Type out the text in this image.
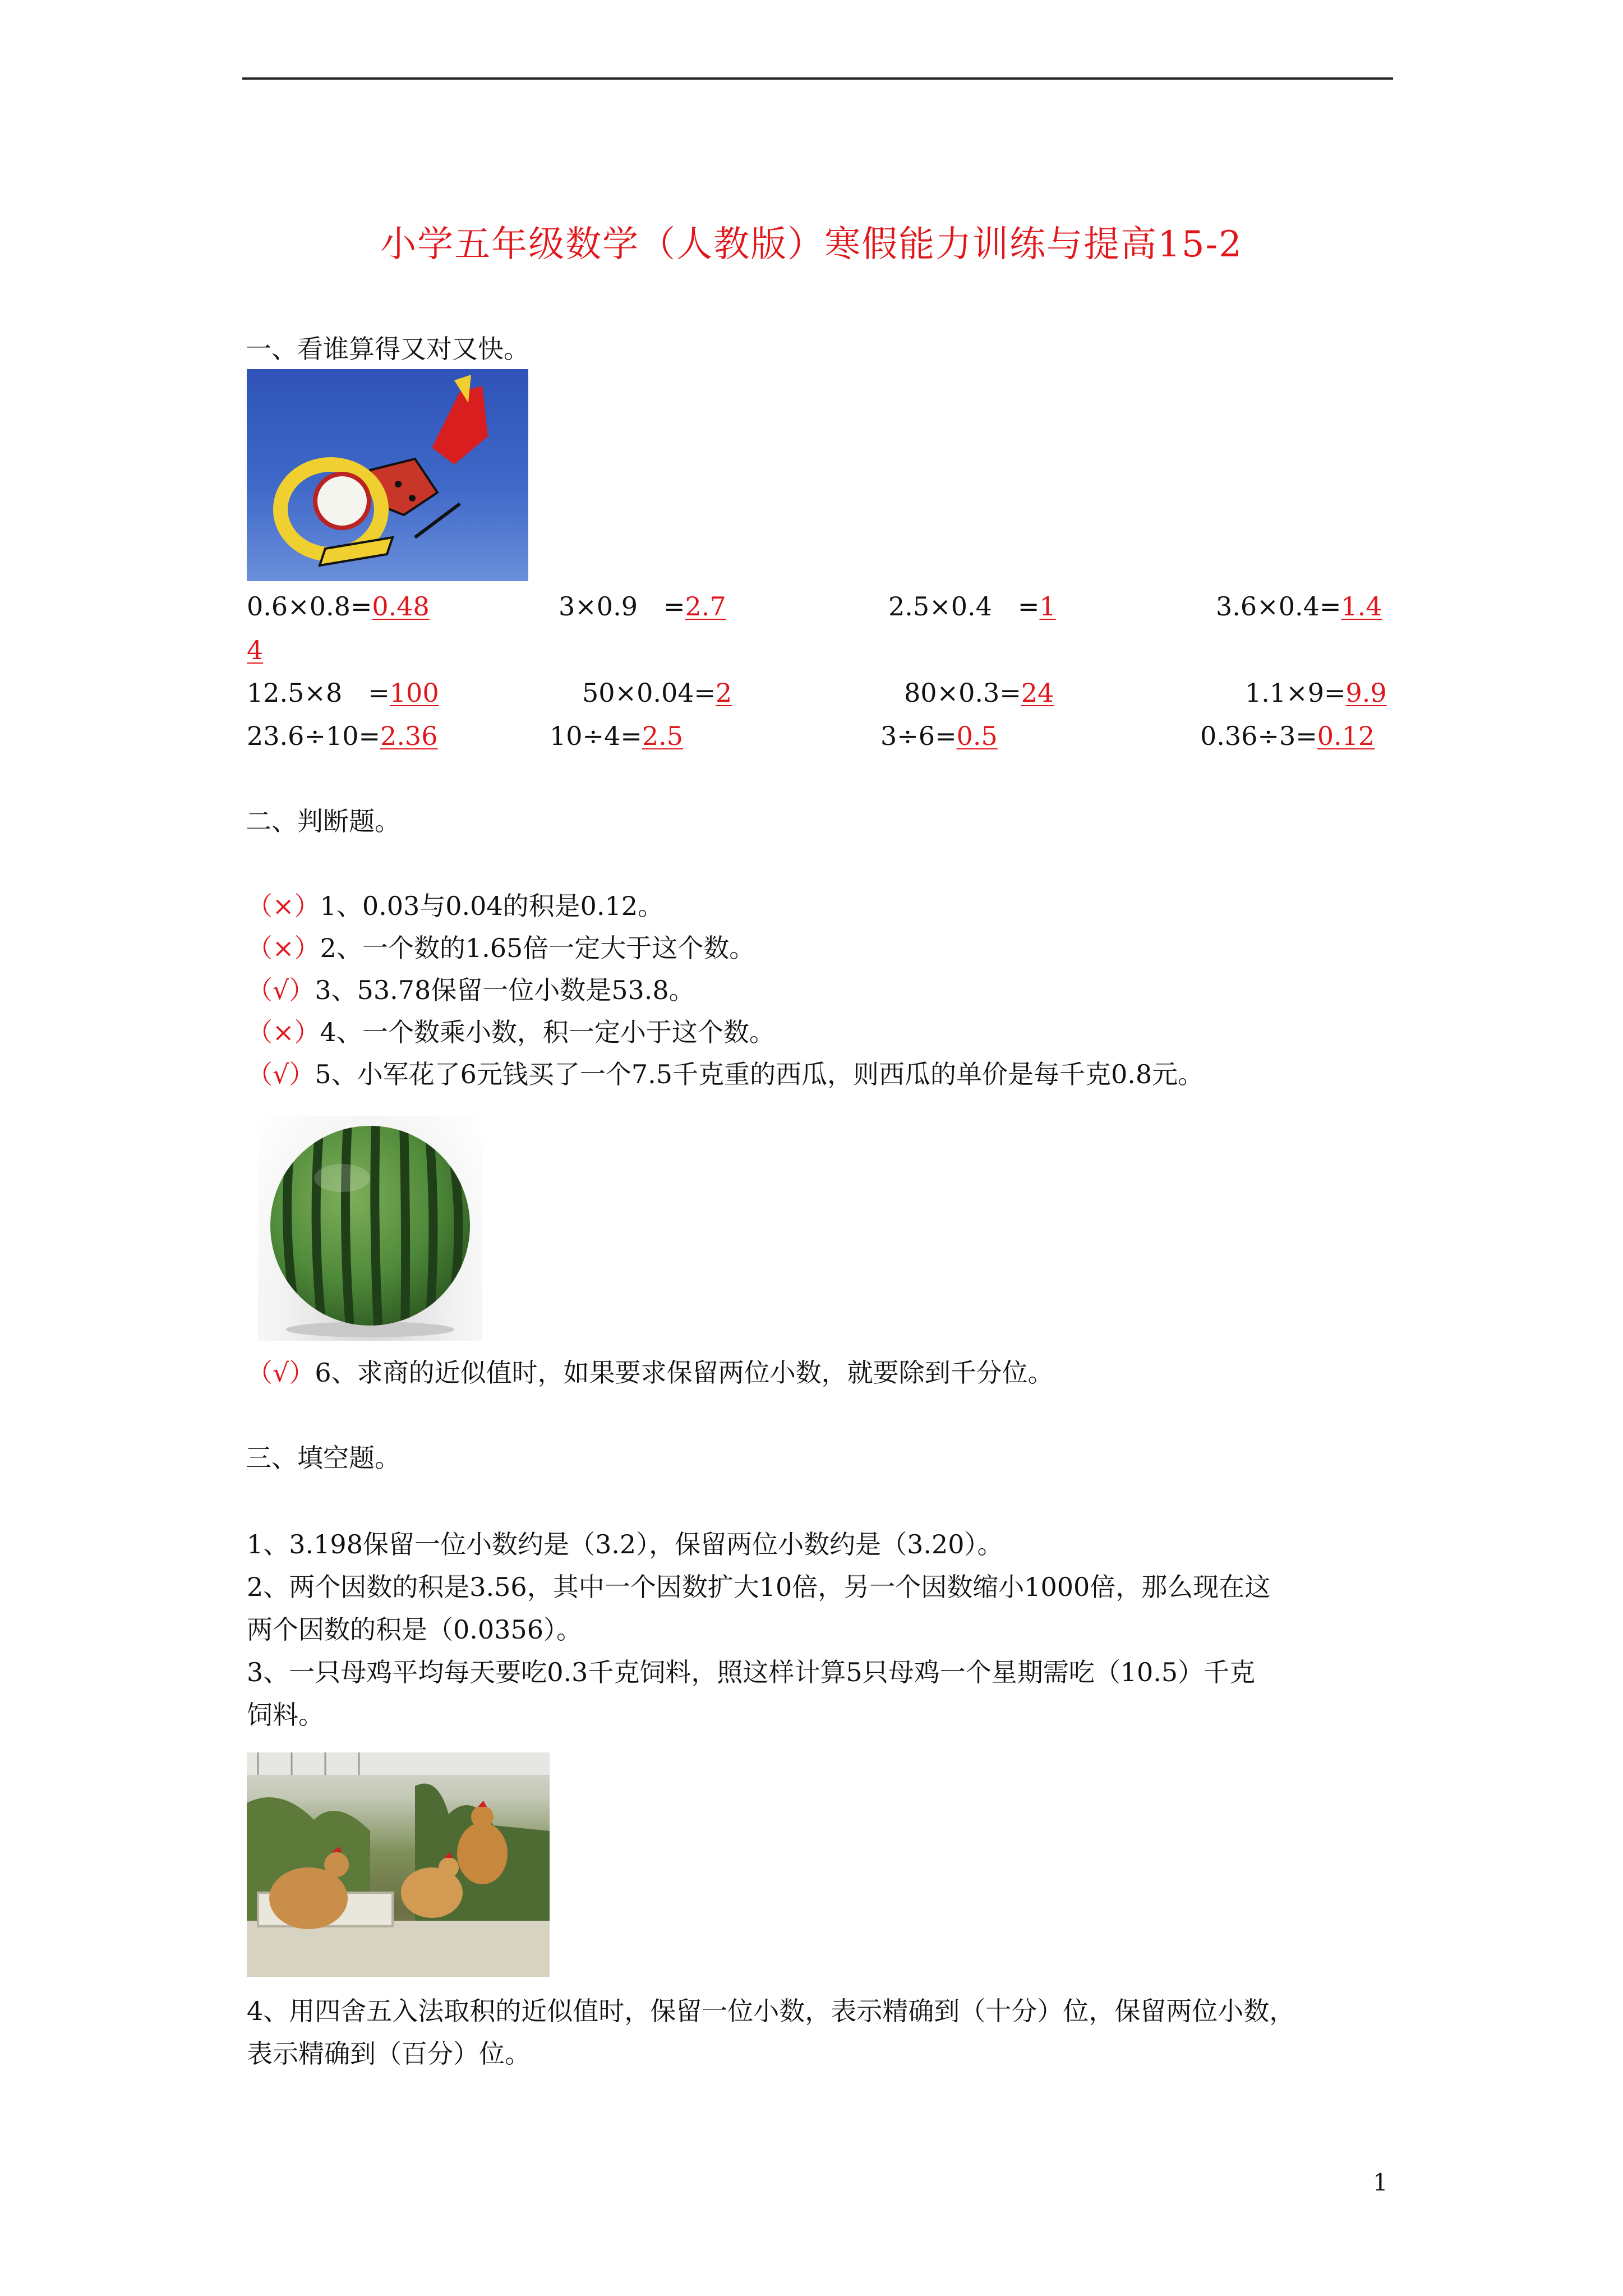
小学五年级数学（人教版）寒假能力训练与提高15-2
一、看谁算得又对又快。
0.6×0.8=0.48	3×0.9　=2.7	2.5×0.4　=1	3.6×0.4=1.4
4
12.5×8　=100	50×0.04=2	80×0.3=24	1.1×9=9.9
23.6÷10=2.36	10÷4=2.5	3÷6=0.5	0.36÷3=0.12
二、判断题。
（×）1、0.03与0.04的积是0.12。
（×）2、一个数的1.65倍一定大于这个数。
（√）3、53.78保留一位小数是53.8。
（×）4、一个数乘小数，积一定小于这个数。
（√）5、小军花了6元钱买了一个7.5千克重的西瓜，则西瓜的单价是每千克0.8元。
（√）6、求商的近似值时，如果要求保留两位小数，就要除到千分位。
三、填空题。
1、3.198保留一位小数约是（3.2），保留两位小数约是（3.20）。
2、两个因数的积是3.56，其中一个因数扩大10倍，另一个因数缩小1000倍，那么现在这
两个因数的积是（0.0356）。
3、一只母鸡平均每天要吃0.3千克饲料，照这样计算5只母鸡一个星期需吃（10.5）千克
饲料。
4、用四舍五入法取积的近似值时，保留一位小数，表示精确到（十分）位，保留两位小数，
表示精确到（百分）位。
1
